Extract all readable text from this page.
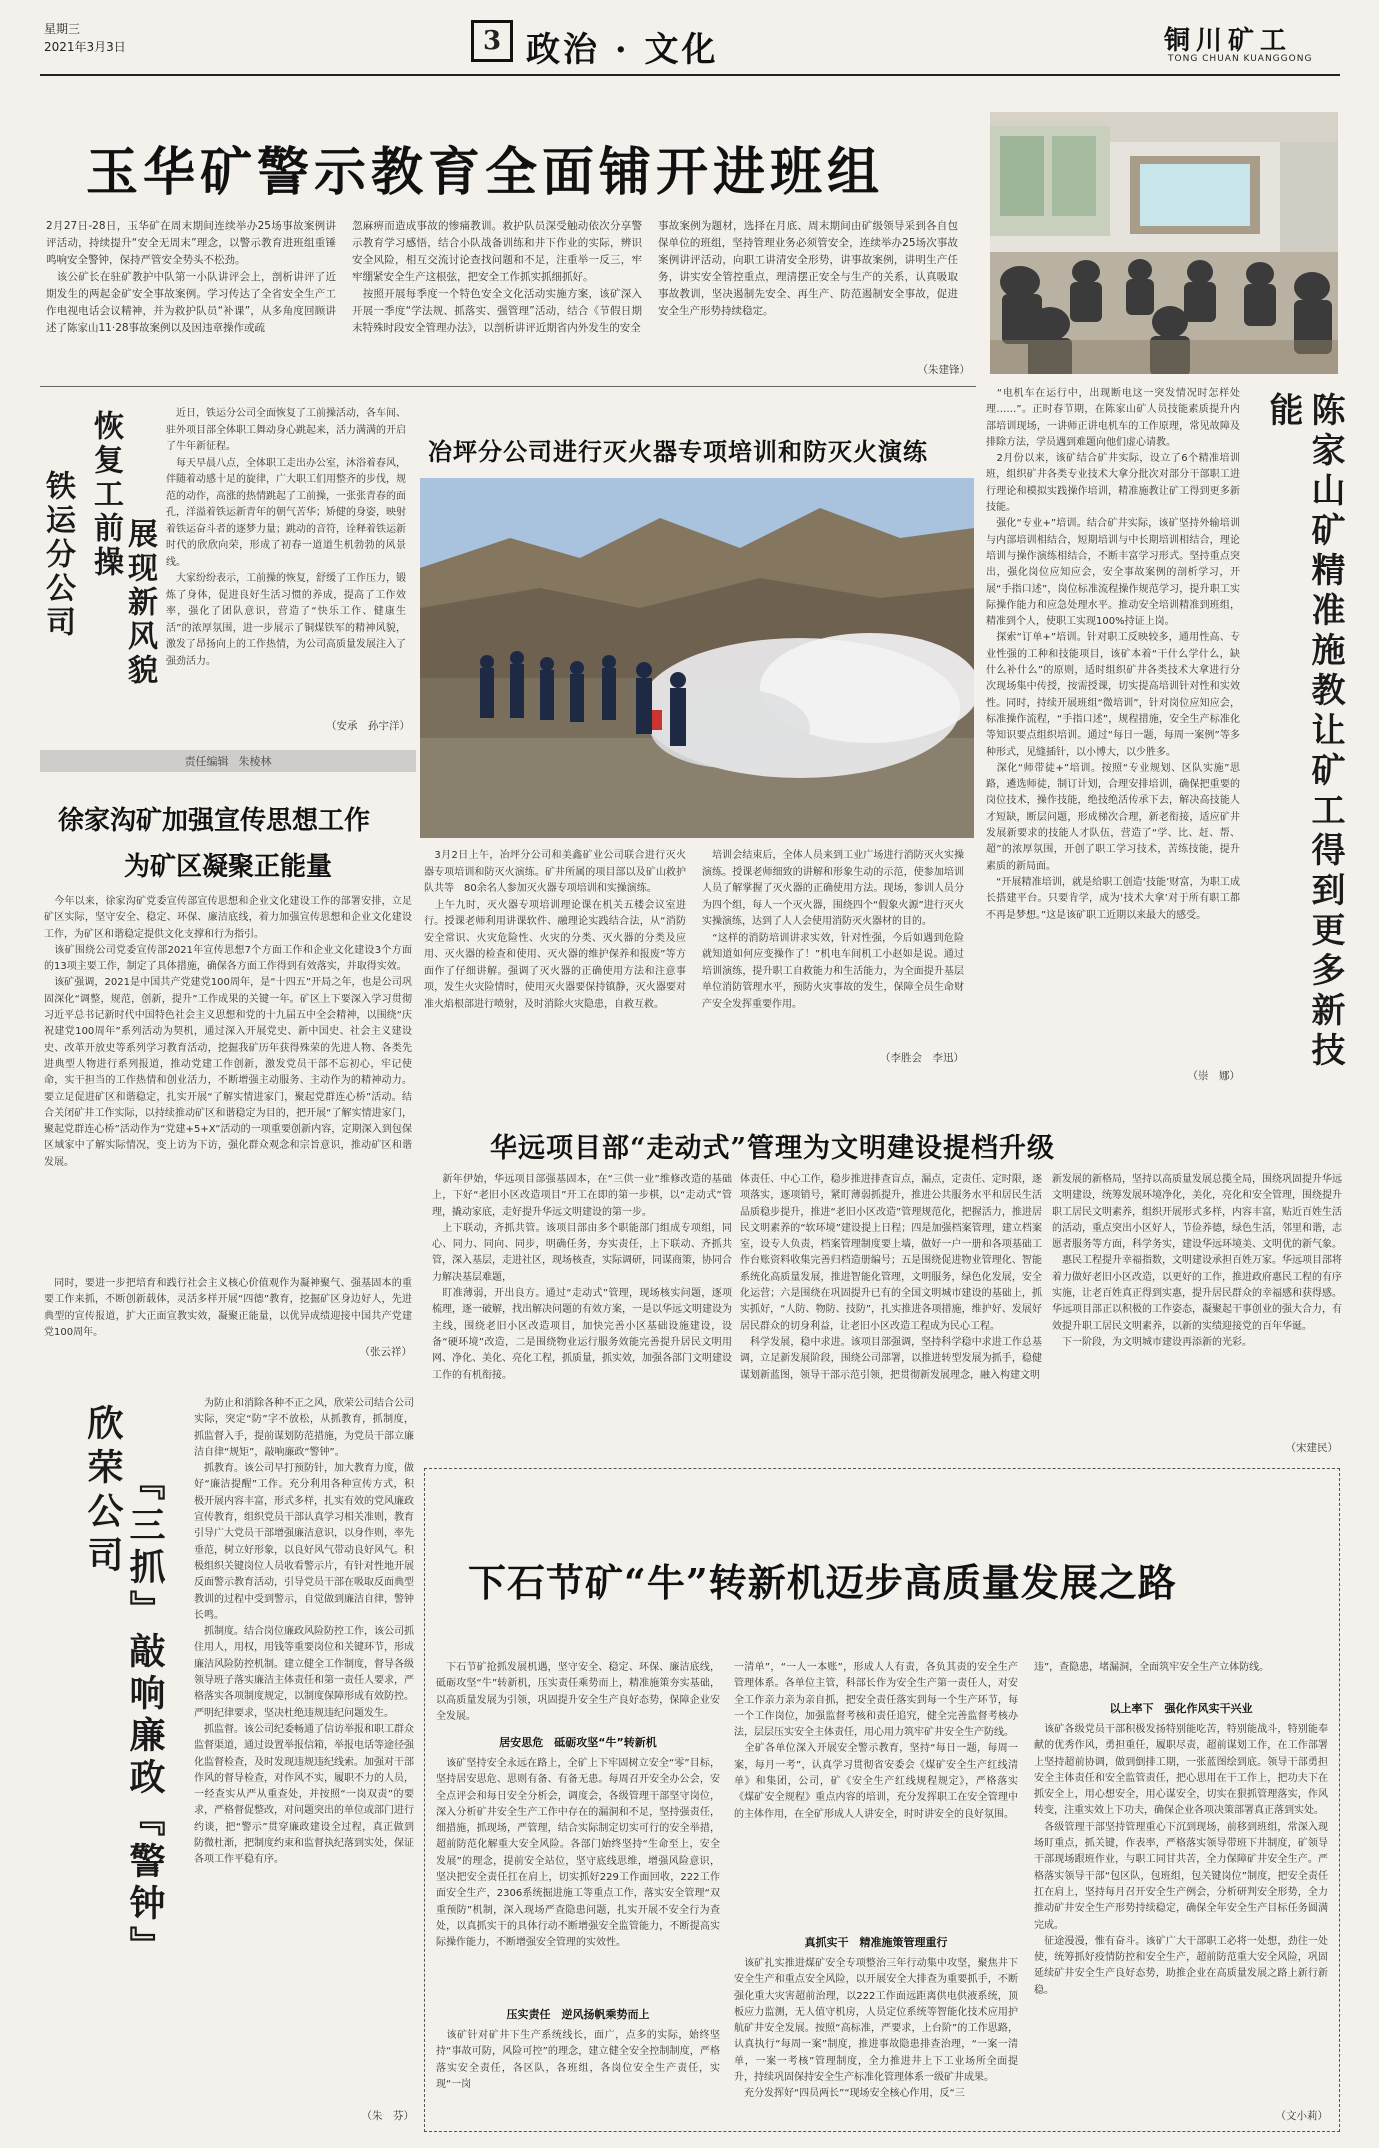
星期三
2021年3月3日	3 政治 · 文化	铜川矿工
TONG CHUAN KUANGGONG
玉华矿警示教育全面铺开进班组
2月27日-28日，玉华矿在周末期间连续举办25场事故案例讲评活动，持续提升“安全无周末”理念，以警示教育进班组重锤鸣响安全警钟，保持严管安全势头不松劲。
　该公矿长在驻矿教护中队第一小队讲评会上，剖析讲评了近期发生的两起金矿安全事故案例。学习传达了全省安全生产工作电视电话会议精神，并为救护队员“补课”，从多角度回顾讲述了陈家山11·28事故案例以及因违章操作或疏
忽麻痹而造成事故的惨痛教训。救护队员深受触动依次分享警示教育学习感悟，结合小队战备训练和井下作业的实际，辨识安全风险，相互交流讨论查找问题和不足，注重举一反三，牢牢绷紧安全生产这根弦，把安全工作抓实抓细抓好。
　按照开展每季度一个特色安全文化活动实施方案，该矿深入开展一季度“学法规、抓落实、强管理”活动，结合《节假日期末特殊时段安全管理办法》，以剖析讲评近期省内外发生的安全
事故案例为题材，选择在月底、周末期间由矿级领导采到各自包保单位的班组，坚持管理业务必须管安全，连续举办25场次事故案例讲评活动，向职工讲清安全形势，讲事故案例，讲明生产任务，讲实安全管控重点，理清摆正安全与生产的关系，认真吸取事故教训，坚决遏制先安全、再生产、防范遏制安全事故，促进安全生产形势持续稳定。
（朱建锋）
恢复工前操
展现新风貌
铁运分公司
　近日，铁运分公司全面恢复了工前操活动，各车间、驻外项目部全体职工舞动身心跳起来，活力满满的开启了牛年新征程。
　每天早晨八点，全体职工走出办公室，沐浴着春风，伴随着动感十足的旋律，广大职工们用整齐的步伐，规范的动作，高涨的热情跳起了工前操，一张张青春的面孔，洋溢着铁运新青年的朝气苦华；矫健的身姿，映射着铁运奋斗者的逐梦力量；跳动的音符，诠释着铁运新时代的欣欣向荣，形成了初春一道道生机勃勃的风景线。
　大家纷纷表示，工前操的恢复，舒缓了工作压力，锻炼了身体，促进良好生活习惯的养成，提高了工作效率，强化了团队意识，营造了“快乐工作、健康生活”的浓厚氛围，进一步展示了铜煤铁军的精神风貌，激发了昂扬向上的工作热情，为公司高质量发展注入了强劲活力。
（安承　孙宇洋）
责任编辑 朱棱林
冶坪分公司进行灭火器专项培训和防灭火演练
　3月2日上午，冶坪分公司和美鑫矿业公司联合进行灭火器专项培训和防灭火演练。矿井所属的项目部以及矿山救护队共等　80余名人参加灭火器专项培训和实操演练。
　上午九时，灭火器专项培训理论课在机关五楼会议室进行。授课老师利用讲课软件、融理论实践结合法，从“消防安全常识、火灾危险性、火灾的分类、灭火器的分类及应用、灭火器的检查和使用、灭火器的维护保养和报废”等方面作了仔细讲解。强调了灭火器的正确使用方法和注意事项，发生火灾险情时，使用灭火器要保持镇静，灭火器要对准火焰根部进行喷射，及时消除火灾隐患，自救互救。
　培训会结束后，全体人员来到工业广场进行消防灭火实操演练。授课老师细致的讲解和形象生动的示范，使参加培训人员了解掌握了灭火器的正确使用方法。现场，参训人员分为四个组，每人一个灭火器，围绕四个“假象火源”进行灭火实操演练，达到了人人会使用消防灭火器材的目的。
　“这样的消防培训讲求实效，针对性强，今后如遇到危险就知道如何应变操作了！”机电车间机工小赵如是说。通过培训演练，提升职工自救能力和生活能力，为全面提升基层单位消防管理水平，预防火灾事故的发生，保障全员生命财产安全发挥重要作用。
（李胜会　李迅）
　“电机车在运行中，出现断电这一突发情况时怎样处理……”。正时春节期，在陈家山矿人员技能素质提升内部培训现场，一讲师正讲电机车的工作原理，常见故障及排除方法，学员遇到难题向他们虚心请教。
　2月份以来，该矿结合矿井实际，设立了6个精准培训班，组织矿井各类专业技术大拿分批次对部分干部职工进行理论和模拟实践操作培训，精准施教让矿工得到更多新技能。
　强化“专业+”培训。结合矿井实际，该矿坚持外输培训与内部培训相结合，短期培训与中长期培训相结合，理论培训与操作演练相结合，不断丰富学习形式。坚持重点突出，强化岗位应知应会，安全事故案例的剖析学习，开展“手指口述”，岗位标准流程操作规范学习，提升职工实际操作能力和应急处理水平。推动安全培训精准到班组，精准到个人，使职工实现100%持证上岗。
　探索“订单+”培训。针对职工反映较多，通用性高、专业性强的工种和技能项目，该矿本着“干什么学什么，缺什么补什么”的原则，适时组织矿井各类技术大拿进行分次现场集中传授，按需授课，切实提高培训针对性和实效性。同时，持续开展班组“微培训”，针对岗位应知应会，标准操作流程，“手指口述”，规程措施，安全生产标准化等知识要点组织培训。通过“每日一题，每周一案例”等多种形式，见缝插针，以小博大，以少胜多。
　深化“师带徒+”培训。按照“专业规划、区队实施”思路，遴选师徒，制订计划，合理安排培训，确保把重要的岗位技术，操作技能，绝技绝活传承下去，解决高技能人才短缺，断层问题，形成梯次合理，新老衔接，适应矿井发展新要求的技能人才队伍，营造了“学、比、赶、帮、超”的浓厚氛围，开创了职工学习技术，苦练技能，提升素质的新局面。
　“开展精准培训，就是给职工创造‘技能’财富，为职工成长搭建平台。只要肯学，成为‘技术大拿’对于所有职工都不再是梦想。”这是该矿职工近期以来最大的感受。	陈家山矿精准施教让矿工得到更多新技能
（崇　娜）
徐家沟矿加强宣传思想工作
为矿区凝聚正能量
　今年以来，徐家沟矿党委宣传部宣传思想和企业文化建设工作的部署安排，立足矿区实际，坚守安全、稳定、环保、廉洁底线，着力加强宣传思想和企业文化建设工作，为矿区和谐稳定提供文化支撑和行为指引。
　该矿围绕公司党委宣传部2021年宣传思想7个方面工作和企业文化建设3个方面的13项主要工作，制定了具体措施，确保各方面工作得到有效落实，并取得实效。
　该矿强调，2021是中国共产党建党100周年，是“十四五”开局之年，也是公司巩固深化“调整，规范，创新，提升”工作成果的关键一年。矿区上下要深入学习贯彻习近平总书记新时代中国特色社会主义思想和党的十九届五中全会精神，以围绕“庆祝建党100周年”系列活动为契机，通过深入开展党史、新中国史、社会主义建设史、改革开放史等系列学习教育活动，挖掘我矿历年获得殊荣的先进人物、各类先进典型人物进行系列报道，推动党建工作创新，激发党员干部不忘初心，牢记使命，实干担当的工作热情和创业活力，不断增强主动服务、主动作为的精神动力。要立足促进矿区和谐稳定，扎实开展“了解实情进家门，聚起党群连心桥”活动。结合关闭矿井工作实际，以持续推动矿区和谐稳定为目的，把开展“了解实情进家门，聚起党群连心桥”活动作为“党建+5+X”活动的一项重要创新内容，定期深入到包保区域家中了解实际情况，变上访为下访，强化群众观念和宗旨意识，推动矿区和谐发展。
　同时，要进一步把培育和践行社会主义核心价值观作为凝神聚气、强基固本的重要工作来抓，不断创新载体，灵活多样开展“四德”教育，挖掘矿区身边好人，先进典型的宣传报道，扩大正面宣教实效，凝聚正能量，以优异成绩迎接中国共产党建党100周年。
（张云祥）
华远项目部“走动式”管理为文明建设提档升级
　新年伊始，华远项目部强基固本，在“三供一业”维修改造的基础上，下好“老旧小区改造项目”开工在即的第一步棋，以“走动式”管理，撬动家底，走好提升华远文明建设的第一步。
　上下联动，齐抓共管。该项目部由多个职能部门组成专项组，同心、同力、同向、同步，明确任务，夯实责任，上下联动、齐抓共管，深入基层，走进社区，现场核查，实际调研，同谋商策，协同合力解决基层难题，
　盯准薄弱，开出良方。通过“走动式”管理，现场核实问题，逐项梳理，逐一破解，找出解决问题的有效方案，一是以华远文明建设为主线，围绕老旧小区改造项目，加快完善小区基础设施建设，设备“硬环境”改造，二是围绕物业运行服务效能完善提升居民文明用网、净化、美化、亮化工程，抓质量，抓实效，加强各部门文明建设工作的有机衔接。
体责任、中心工作，稳步推进排查盲点，漏点，定责任、定时限，逐项落实，逐项销号，紧盯薄弱抓提升，推进公共服务水平和居民生活品质稳步提升，推进“老旧小区改造”管理规范化，把握活力，推进居民文明素养的“软环境”建设提上日程；四是加强档案管理，建立档案室，设专人负责，档案管理制度要上墙，做好一户一册和各项基础工作台账资料收集完善归档造册编号；五是围绕促进物业管理化、智能系统化高质量发展，推进智能化管理，文明服务，绿色化发展，安全化运营；六是围绕在巩固提升已有的全国文明城市建设的基础上，抓实抓好，“人防、物防、技防”，扎实推进各项措施，维护好、发展好居民群众的切身利益，让老旧小区改造工程成为民心工程。
　科学发展，稳中求进。该项目部强调，坚持科学稳中求进工作总基调，立足新发展阶段，围绕公司部署，以推进转型发展为抓手，稳健谋划新蓝图，领导干部示范引领，把贯彻新发展理念，融入构建文明
新发展的新格局，坚持以高质量发展总揽全局，围绕巩固提升华远文明建设，统筹发展环境净化，美化，亮化和安全管理，围绕提升职工居民文明素养，组织开展形式多样，内容丰富，贴近百姓生活的活动，重点突出小区好人，节俭养德，绿色生活，邻里和谐，志愿者服务等方面，科学务实，建设华远环境美、文明优的新气象。
　惠民工程提升幸福指数，文明建设承担百姓万家。华远项目部将着力做好老旧小区改造，以更好的工作，推进政府惠民工程的有序实施，让老百姓真正得到实惠，提升居民群众的幸福感和获得感。华远项目部正以积极的工作姿态，凝聚起干事创业的强大合力，有效提升职工居民文明素养，以新的实绩迎接党的百年华诞。
　下一阶段，为文明城市建设再添新的光彩。
（宋建民）
欣荣公司 『三抓』敲响廉政『警钟』
　为防止和消除各种不正之风，欣荣公司结合公司实际，突定“防”字不放松，从抓教育，抓制度，抓监督入手，提前谋划防范措施，为党员干部立廉洁自律“规矩”，敲响廉政“警钟”。
　抓教育。该公司早打预防针，加大教育力度，做好“廉洁提醒”工作。充分利用各种宣传方式，积极开展内容丰富，形式多样，扎实有效的党风廉政宣传教育，组织党员干部认真学习相关准则，教育引导广大党员干部增强廉洁意识，以身作则，率先垂范，树立好形象，以良好风气带动良好风气。积极组织关键岗位人员收看警示片，有针对性地开展反面警示教育活动，引导党员干部在吸取反面典型教训的过程中受到警示，自觉做到廉洁自律，警钟长鸣。
　抓制度。结合岗位廉政风险防控工作，该公司抓住用人，用权，用钱等重要岗位和关键环节，形成廉洁风险防控机制。建立健全工作制度，督导各级领导班子落实廉洁主体责任和第一责任人要求，严格落实各项制度规定，以制度保障形成有效防控。严明纪律要求，坚决杜绝违规违纪问题发生。
　抓监督。该公司纪委畅通了信访举报和职工群众监督渠道，通过设置举报信箱，举报电话等途径强化监督检查，及时发现违规违纪线索。加强对干部作风的督导检查，对作风不实，履职不力的人员，一经查实从严从重查处，并按照“一岗双责”的要求，严格督促整改，对问题突出的单位或部门进行约谈，把“警示”贯穿廉政建设全过程，真正做到防微杜渐，把制度约束和监督执纪落到实处，保证各项工作平稳有序。
（朱　芬）
下石节矿“牛”转新机迈步高质量发展之路
　下石节矿抢抓发展机遇，坚守安全、稳定、环保、廉洁底线，砥砺攻坚“牛”转新机，压实责任乘势而上，精准施策夯实基础，以高质量发展为引领，巩固提升安全生产良好态势，保障企业安全发展。
居安思危　砥砺攻坚“牛”转新机
　该矿坚持安全永远在路上，全矿上下牢固树立安全“零”目标，坚持居安思危、思则有备、有备无患。每周召开安全办公会，安全点评会和每日安全分析会，调度会，各级管理干部坚守岗位，深入分析矿井安全生产工作中存在的漏洞和不足，坚持强责任，细措施，抓现场，严管理，结合实际制定切实可行的安全举措，超前防范化解重大安全风险。各部门始终坚持“生命至上，安全发展”的理念，提前安全站位，坚守底线思维，增强风险意识，坚决把安全责任扛在肩上，切实抓好229工作面回收，222工作面安全生产，2306系统掘进施工等重点工作，落实安全管理“双重预防”机制，深入现场严查隐患问题，扎实开展不安全行为查处，以真抓实干的具体行动不断增强安全监管能力，不断提高实际操作能力，不断增强安全管理的实效性。
压实责任　逆风扬帆乘势而上
　该矿针对矿井下生产系统线长，面广，点多的实际，始终坚持“事故可防，风险可控”的理念，建立健全安全控制制度，严格落实安全责任，各区队，各班组，各岗位安全生产责任，实现“一岗
一清单”，“一人一本账”，形成人人有责，各负其责的安全生产管理体系。各单位主管，科部长作为安全生产第一责任人，对安全工作亲力亲为亲自抓，把安全责任落实到每一个生产环节，每一个工作岗位，加强监督考核和责任追究，健全完善监督考核办法，层层压实安全主体责任，用心用力筑牢矿井安全生产防线。
　全矿各单位深入开展安全警示教育，坚持“每日一题，每周一案，每月一考”，认真学习贯彻省安委会《煤矿安全生产红线清单》和集团，公司，矿《安全生产红线规程规定》，严格落实《煤矿安全规程》重点内容的培训，充分发挥职工在安全管理中的主体作用，在全矿形成人人讲安全，时时讲安全的良好氛围。
真抓实干　精准施策管理重行
　该矿扎实推进煤矿安全专项整治三年行动集中攻坚，聚焦井下安全生产和重点安全风险，以开展安全大排查为重要抓手，不断强化重大灾害超前治理，以222工作面远距离供电供液系统，顶板应力监测，无人值守机房，人员定位系统等智能化技术应用护航矿井安全发展。按照“高标准，严要求，上台阶”的工作思路，认真执行“每周一案”制度，推进事故隐患排查治理，“一案一清单，一案一考核”管理制度，全力推进井上下工业场所全面提升，持续巩固保持安全生产标准化管理体系一级矿井成果。
　充分发挥好“四员两长”“现场安全核心作用，反“三
违”，查隐患，堵漏洞，全面筑牢安全生产立体防线。
以上率下　强化作风实干兴业
　该矿各级党员干部积极发扬特别能吃苦，特别能战斗，特别能奉献的优秀作风，勇担重任，履职尽责，超前谋划工作，在工作部署上坚持超前协调，做到倒排工期，一张蓝图绘到底。领导干部勇担安全主体责任和安全监管责任，把心思用在干工作上，把功夫下在抓安全上，用心想安全，用心谋安全，切实在狠抓管理落实，作风转变，注重实效上下功夫，确保企业各项决策部署真正落到实处。
　各级管理干部坚持管理重心下沉到现场，前移到班组，常深入现场盯重点，抓关键，作表率，严格落实领导带班下井制度，矿领导干部现场跟班作业，与职工同甘共苦，全力保障矿井安全生产。严格落实领导干部“包区队，包班组，包关键岗位”制度，把安全责任扛在肩上，坚持每月召开安全生产例会，分析研判安全形势，全力推动矿井安全生产形势持续稳定，确保全年安全生产目标任务圆满完成。
　征途漫漫，惟有奋斗。该矿广大干部职工必将一处想，劲往一处使，统筹抓好疫情防控和安全生产，超前防范重大安全风险，巩固延续矿井安全生产良好态势，助推企业在高质量发展之路上新行新稳。
（文小莉）
